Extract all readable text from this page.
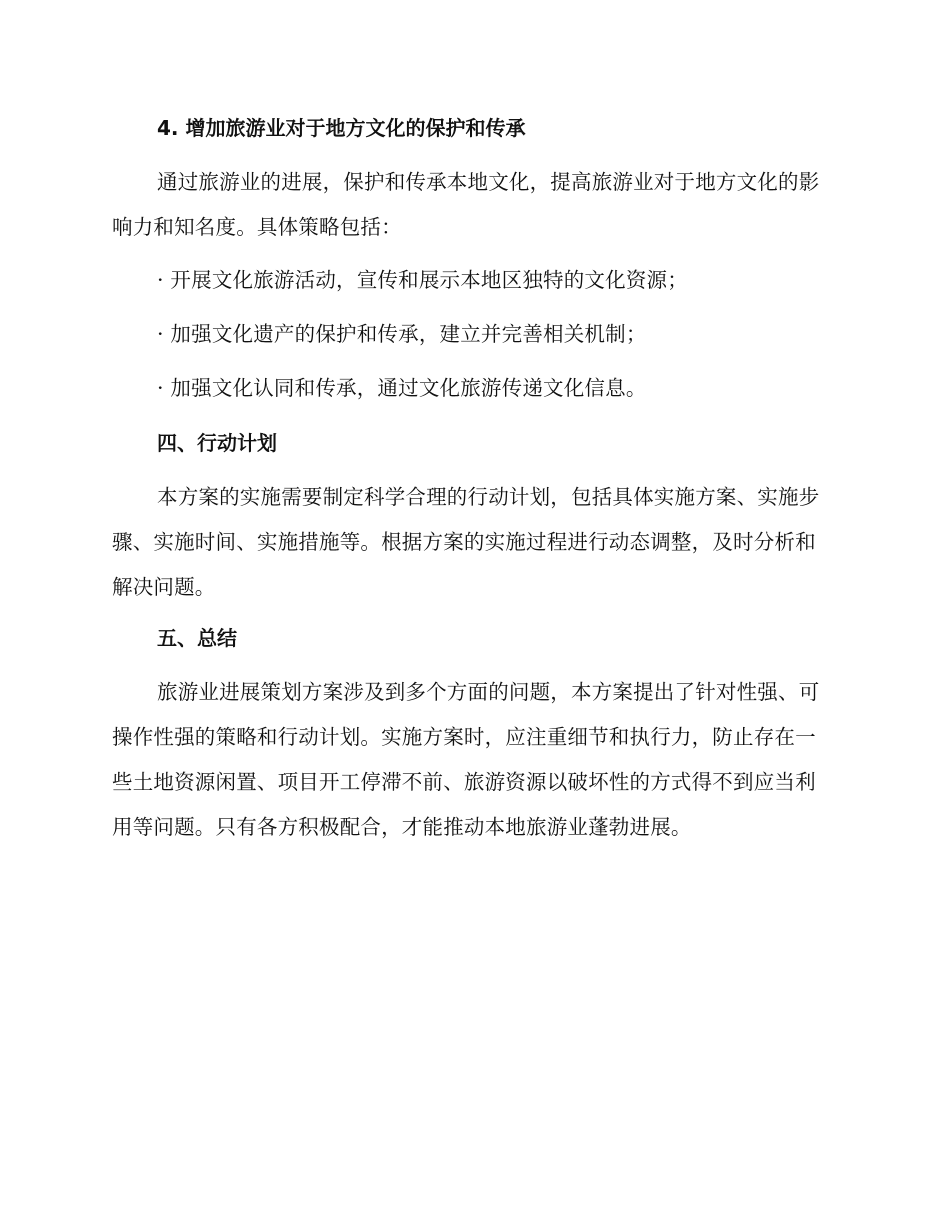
4. 增加旅游业对于地方文化的保护和传承

通过旅游业的进展，保护和传承本地文化，提高旅游业对于地方文化的影响力和知名度。具体策略包括：

· 开展文化旅游活动，宣传和展示本地区独特的文化资源；

· 加强文化遗产的保护和传承，建立并完善相关机制；

· 加强文化认同和传承，通过文化旅游传递文化信息。

四、行动计划

本方案的实施需要制定科学合理的行动计划，包括具体实施方案、实施步骤、实施时间、实施措施等。根据方案的实施过程进行动态调整，及时分析和解决问题。

五、总结

旅游业进展策划方案涉及到多个方面的问题，本方案提出了针对性强、可操作性强的策略和行动计划。实施方案时，应注重细节和执行力，防止存在一些土地资源闲置、项目开工停滞不前、旅游资源以破坏性的方式得不到应当利用等问题。只有各方积极配合，才能推动本地旅游业蓬勃进展。
